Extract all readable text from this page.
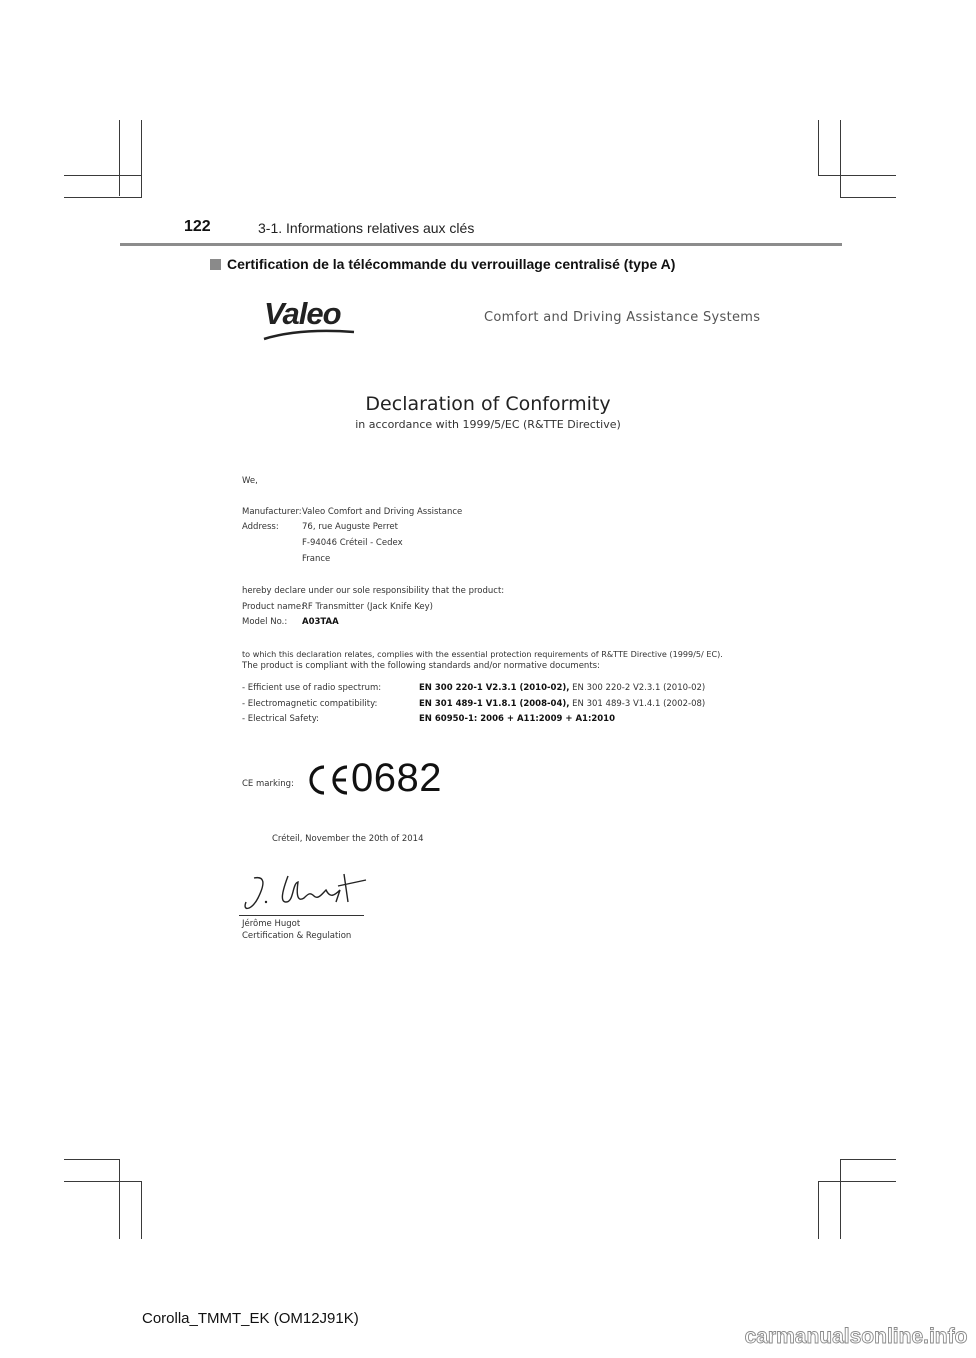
122	3-1. Informations relatives aux clés
Certification de la télécommande du verrouillage centralisé (type A)
Valeo	Comfort and Driving Assistance Systems
Declaration of Conformity
in accordance with 1999/5/EC (R&TTE Directive)
We,
Manufacturer: Valeo Comfort and Driving Assistance
Address:	76, rue Auguste Perret
F-94046 Créteil - Cedex
France
hereby declare under our sole responsibility that the product:
Product name:
RF Transmitter (Jack Knife Key)
Model No.: A03TAA
to which this declaration relates, complies with the essential protection requirements of R&TTE Directive (1999/5/ EC).
The product is compliant with the following standards and/or normative documents:
- Efficient use of radio spectrum:	EN 300 220-1 V2.3.1 (2010-02), EN 300 220-2 V2.3.1 (2010-02)
- Electromagnetic compatibility:	EN 301 489-1 V1.8.1 (2008-04), EN 301 489-3 V1.4.1 (2002-08)
- Electrical Safety:	EN 60950-1: 2006 + A11:2009 + A1:2010
CE marking: 0682
Créteil, November the 20th of 2014
Jérôme Hugot
Certification & Regulation
Corolla_TMMT_EK (OM12J91K)
carmanualsonline.info
